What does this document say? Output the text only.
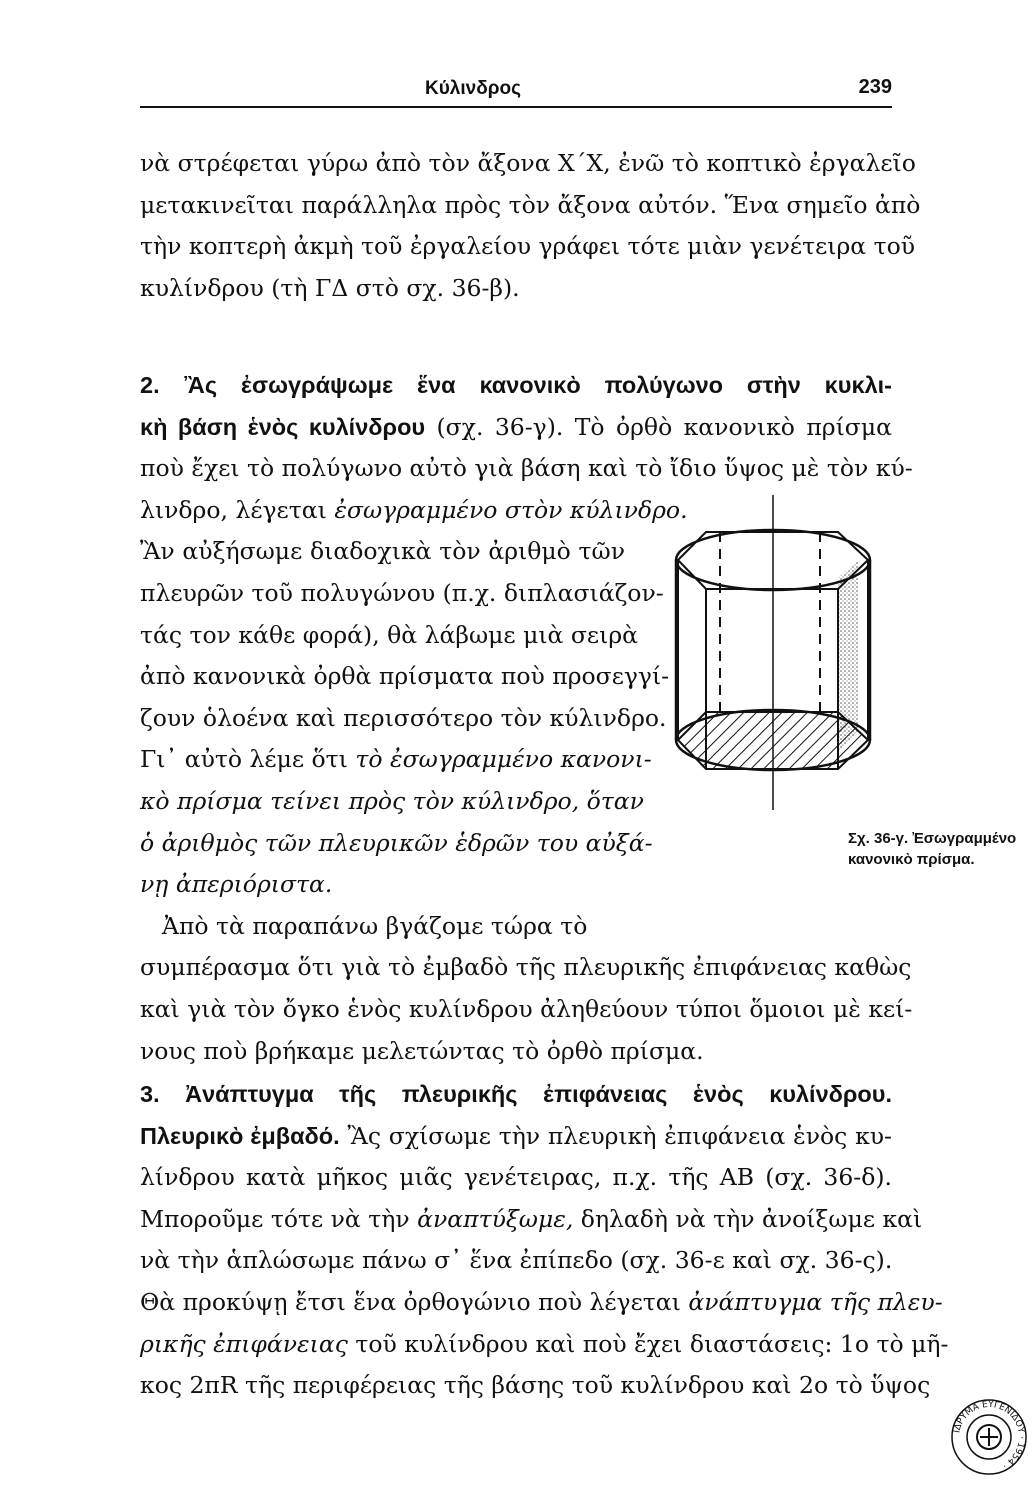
Κύλινδρος	239
νὰ στρέφεται γύρω ἀπὸ τὸν ἄξονα X΄X, ἐνῶ τὸ κοπτικὸ ἐργαλεῖο
μετακινεῖται παράλληλα πρὸς τὸν ἄξονα αὐτόν. Ἕνα σημεῖο ἀπὸ
τὴν κοπτερὴ ἀκμὴ τοῦ ἐργαλείου γράφει τότε μιὰν γενέτειρα τοῦ
κυλίνδρου (τὴ ΓΔ στὸ σχ. 36-β).
2. Ἂς ἐσωγράψωμε ἕνα κανονικὸ πολύγωνο στὴν κυκλι-
κὴ βάση ἑνὸς κυλίνδρου (σχ. 36-γ). Τὸ ὀρθὸ κανονικὸ πρίσμα
ποὺ ἔχει τὸ πολύγωνο αὐτὸ γιὰ βάση καὶ τὸ ἴδιο ὕψος μὲ τὸν κύ-
λινδρο, λέγεται ἐσωγραμμένο στὸν κύλινδρο.
Ἂν αὐξήσωμε διαδοχικὰ τὸν ἀριθμὸ τῶν
πλευρῶν τοῦ πολυγώνου (π.χ. διπλασιάζον-
τάς τον κάθε φορά), θὰ λάβωμε μιὰ σειρὰ
ἀπὸ κανονικὰ ὀρθὰ πρίσματα ποὺ προσεγγί-
ζουν ὁλοένα καὶ περισσότερο τὸν κύλινδρο.
Γι᾽ αὐτὸ λέμε ὅτι τὸ ἐσωγραμμένο κανονι-
κὸ πρίσμα τείνει πρὸς τὸν κύλινδρο, ὅταν
ὁ ἀριθμὸς τῶν πλευρικῶν ἑδρῶν του αὐξά-
νῃ ἀπεριόριστα.
Ἀπὸ τὰ παραπάνω βγάζομε τώρα τὸ
συμπέρασμα ὅτι γιὰ τὸ ἐμβαδὸ τῆς πλευρικῆς ἐπιφάνειας καθὼς
καὶ γιὰ τὸν ὄγκο ἑνὸς κυλίνδρου ἀληθεύουν τύποι ὅμοιοι μὲ κεί-
νους ποὺ βρήκαμε μελετώντας τὸ ὀρθὸ πρίσμα.
Σχ. 36-γ. Ἐσωγραμμένο
κανονικὸ πρίσμα.
3. Ἀνάπτυγμα τῆς πλευρικῆς ἐπιφάνειας ἑνὸς κυλίνδρου.
Πλευρικὸ ἐμβαδό. Ἂς σχίσωμε τὴν πλευρικὴ ἐπιφάνεια ἑνὸς κυ-
λίνδρου κατὰ μῆκος μιᾶς γενέτειρας, π.χ. τῆς AB (σχ. 36-δ).
Μποροῦμε τότε νὰ τὴν ἀναπτύξωμε, δηλαδὴ νὰ τὴν ἀνοίξωμε καὶ
νὰ τὴν ἁπλώσωμε πάνω σ᾽ ἕνα ἐπίπεδο (σχ. 36-ε καὶ σχ. 36-ς).
Θὰ προκύψῃ ἔτσι ἕνα ὀρθογώνιο ποὺ λέγεται ἀνάπτυγμα τῆς πλευ-
ρικῆς ἐπιφάνειας τοῦ κυλίνδρου καὶ ποὺ ἔχει διαστάσεις: 1ο τὸ μῆ-
κος 2πR τῆς περιφέρειας τῆς βάσης τοῦ κυλίνδρου καὶ 2ο τὸ ὕψος
ΙΔΡΥΜΑ ΕΥΓΕΝΙΔΟΥ · 1954 ·
